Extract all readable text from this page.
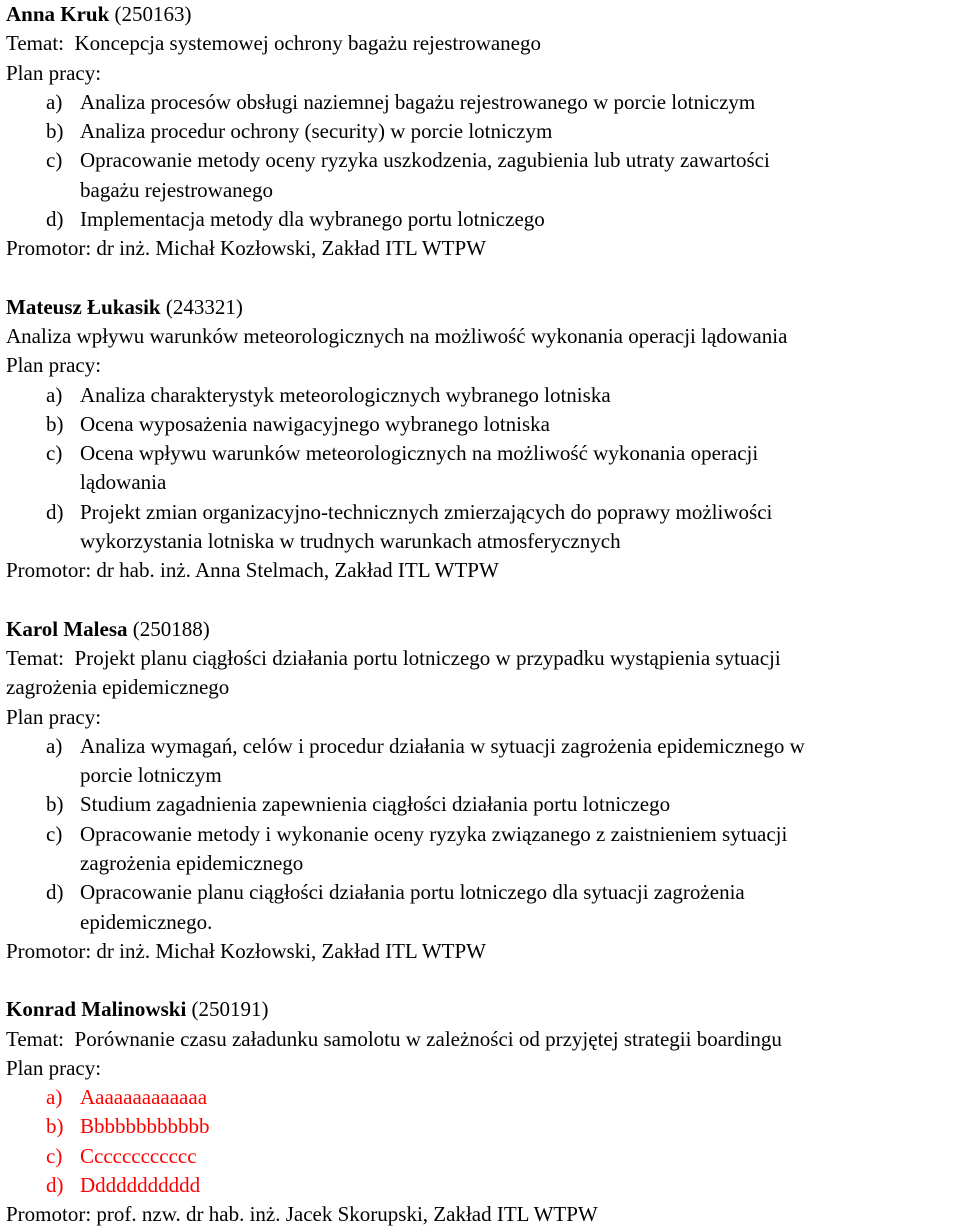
Anna Kruk (250163)
Temat: Koncepcja systemowej ochrony bagażu rejestrowanego
Plan pracy:
a) Analiza procesów obsługi naziemnej bagażu rejestrowanego w porcie lotniczym
b) Analiza procedur ochrony (security) w porcie lotniczym
c) Opracowanie metody oceny ryzyka uszkodzenia, zagubienia lub utraty zawartości
bagażu rejestrowanego
d) Implementacja metody dla wybranego portu lotniczego
Promotor: dr inż. Michał Kozłowski, Zakład ITL WTPW
Mateusz Łukasik (243321)
Analiza wpływu warunków meteorologicznych na możliwość wykonania operacji lądowania
Plan pracy:
a) Analiza charakterystyk meteorologicznych wybranego lotniska
b) Ocena wyposażenia nawigacyjnego wybranego lotniska
c) Ocena wpływu warunków meteorologicznych na możliwość wykonania operacji
lądowania
d) Projekt zmian organizacyjno-technicznych zmierzających do poprawy możliwości
wykorzystania lotniska w trudnych warunkach atmosferycznych
Promotor: dr hab. inż. Anna Stelmach, Zakład ITL WTPW
Karol Malesa (250188)
Temat: Projekt planu ciągłości działania portu lotniczego w przypadku wystąpienia sytuacji
zagrożenia epidemicznego
Plan pracy:
a) Analiza wymagań, celów i procedur działania w sytuacji zagrożenia epidemicznego w
porcie lotniczym
b) Studium zagadnienia zapewnienia ciągłości działania portu lotniczego
c) Opracowanie metody i wykonanie oceny ryzyka związanego z zaistnieniem sytuacji
zagrożenia epidemicznego
d) Opracowanie planu ciągłości działania portu lotniczego dla sytuacji zagrożenia
epidemicznego.
Promotor: dr inż. Michał Kozłowski, Zakład ITL WTPW
Konrad Malinowski (250191)
Temat: Porównanie czasu załadunku samolotu w zależności od przyjętej strategii boardingu
Plan pracy:
a) Aaaaaaaaaaaaa
b) Bbbbbbbbbbbb
c) Cccccccccccc
d) Ddddddddddd
Promotor: prof. nzw. dr hab. inż. Jacek Skorupski, Zakład ITL WTPW
